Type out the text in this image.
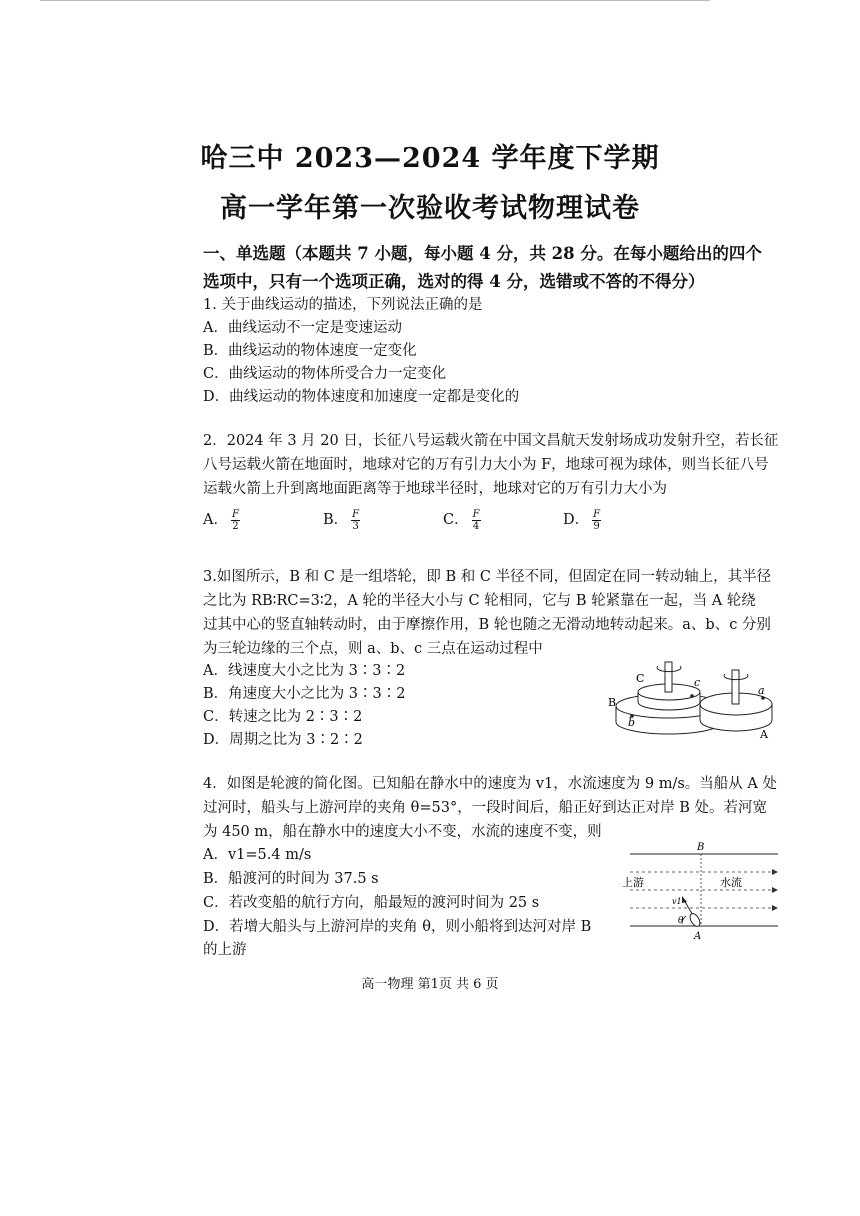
哈三中 2023—2024 学年度下学期
高一学年第一次验收考试物理试卷
一、单选题（本题共 7 小题，每小题 4 分，共 28 分。在每小题给出的四个
选项中，只有一个选项正确，选对的得 4 分，选错或不答的不得分）
1. 关于曲线运动的描述，下列说法正确的是
A．曲线运动不一定是变速运动
B．曲线运动的物体速度一定变化
C．曲线运动的物体所受合力一定变化
D．曲线运动的物体速度和加速度一定都是变化的
2．2024 年 3 月 20 日，长征八号运载火箭在中国文昌航天发射场成功发射升空，若长征
八号运载火箭在地面时，地球对它的万有引力大小为 F，地球可视为球体，则当长征八号
运载火箭上升到离地面距离等于地球半径时，地球对它的万有引力大小为
A． $\frac{F}{2}$	B． $\frac{F}{3}$	C． $\frac{F}{4}$	D． $\frac{F}{9}$
3.如图所示，B 和 C 是一组塔轮，即 B 和 C 半径不同，但固定在同一转动轴上，其半径
之比为 RB∶RC=3∶2，A 轮的半径大小与 C 轮相同，它与 B 轮紧靠在一起，当 A 轮绕
过其中心的竖直轴转动时，由于摩擦作用，B 轮也随之无滑动地转动起来。a、b、c 分别
为三轮边缘的三个点，则 a、b、c 三点在运动过程中
A．线速度大小之比为 3∶3∶2
B．角速度大小之比为 3∶3∶2
C．转速之比为 2∶3∶2
D．周期之比为 3∶2∶2
C	c
B
b
a
A
4．如图是轮渡的简化图。已知船在静水中的速度为 v1，水流速度为 9 m/s。当船从 A 处
过河时，船头与上游河岸的夹角 θ=53°，一段时间后，船正好到达正对岸 B 处。若河宽
为 450 m，船在静水中的速度大小不变，水流的速度不变，则
A．v1=5.4 m/s
B．船渡河的时间为 37.5 s
C．若改变船的航行方向，船最短的渡河时间为 25 s
D．若增大船头与上游河岸的夹角 θ，则小船将到达河对岸 B
的上游
B
上游	水流
v1
θ
A
高一物理 第1页 共 6 页
